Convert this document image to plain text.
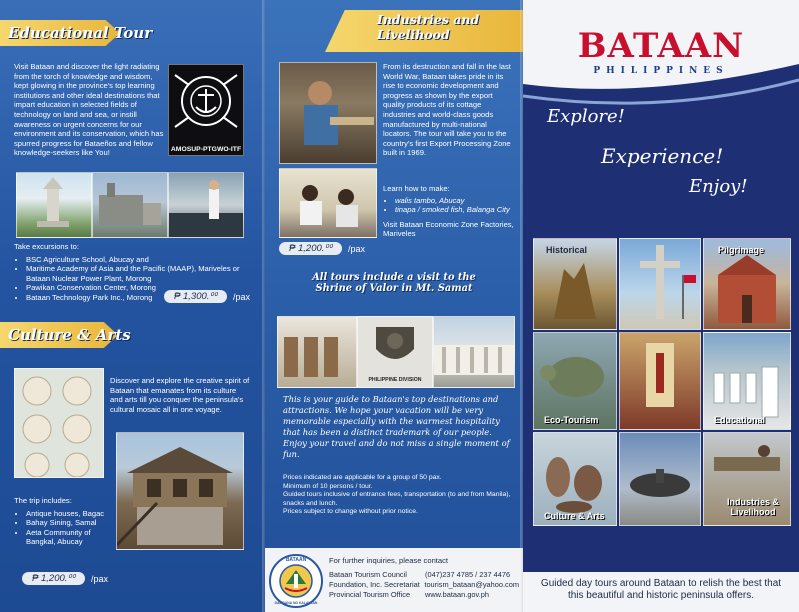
Educational Tour
Visit Bataan and discover the light radiating from the torch of knowledge and wisdom, kept glowing in the province's top learning institutions and other ideal destinations that impart education in selected fields of technology on land and sea, or instill awareness on urgent concerns for our environment and its conservation, which has spurred progress for Bataeños and fellow knowledge-seekers like You!	AMOSUP-PTGWO-ITF
Take excursions to:
• BSC Agriculture School, Abucay and
• Maritime Academy of Asia and the Pacific (MAAP), Mariveles or Bataan Nuclear Power Plant, Morong
• Pawikan Conservation Center, Morong
• Bataan Technology Park Inc., Morong	₱ 1,300.⁰⁰	/pax
Culture & Arts
Discover and explore the creative spirit of Bataan that emanates from its culture and arts till you conquer the peninsula's cultural mosaic all in one voyage.
The trip includes:
• Antique houses, Bagac
• Bahay Sining, Samal
• Aeta Community of Bangkal, Abucay
₱ 1,200.⁰⁰	/pax
Industries and
Livelihood
₱ 1,200.⁰⁰	/pax
From its destruction and fall in the last World War, Bataan takes pride in its rise to economic development and progress as shown by the export quality products of its cottage industries and world-class goods manufactured by multi-national locators. The tour will take you to the country's first Export Processing Zone built in 1969.
Learn how to make:
• walis tambo, Abucay
• tinapa / smoked fish, Balanga City
Visit Bataan Economic Zone Factories, Mariveles
All tours include a visit to the
Shrine of Valor in Mt. Samat
PHILIPPINE DIVISION
This is your guide to Bataan's top destinations and attractions. We hope your vacation will be very memorable especially with the warmest hospitality that has been a distinct trademark of our people. Enjoy your travel and do not miss a single moment of fun.
Prices indicated are applicable for a group of 50 pax.
Minimum of 10 persons / tour.
Guided tours inclusive of entrance fees, transportation (to and from Manila), snacks and lunch.
Prices subject to change without prior notice.
BATAAN
DAMBANA NG KALAYAAN
For further inquiries, please contact
Bataan Tourism Council	(047)237 4785 / 237 4476
Foundation, Inc. Secretariat tourism_bataan@yahoo.com
Provincial Tourism Office	www.bataan.gov.ph
BATAAN
PHILIPPINES
Explore!
Experience!
Enjoy!
Historical	Pilgrimage
Eco-Tourism	Educational
Culture & Arts
Industries & Livelihood
Guided day tours around Bataan to relish the best that this beautiful and historic peninsula offers.
